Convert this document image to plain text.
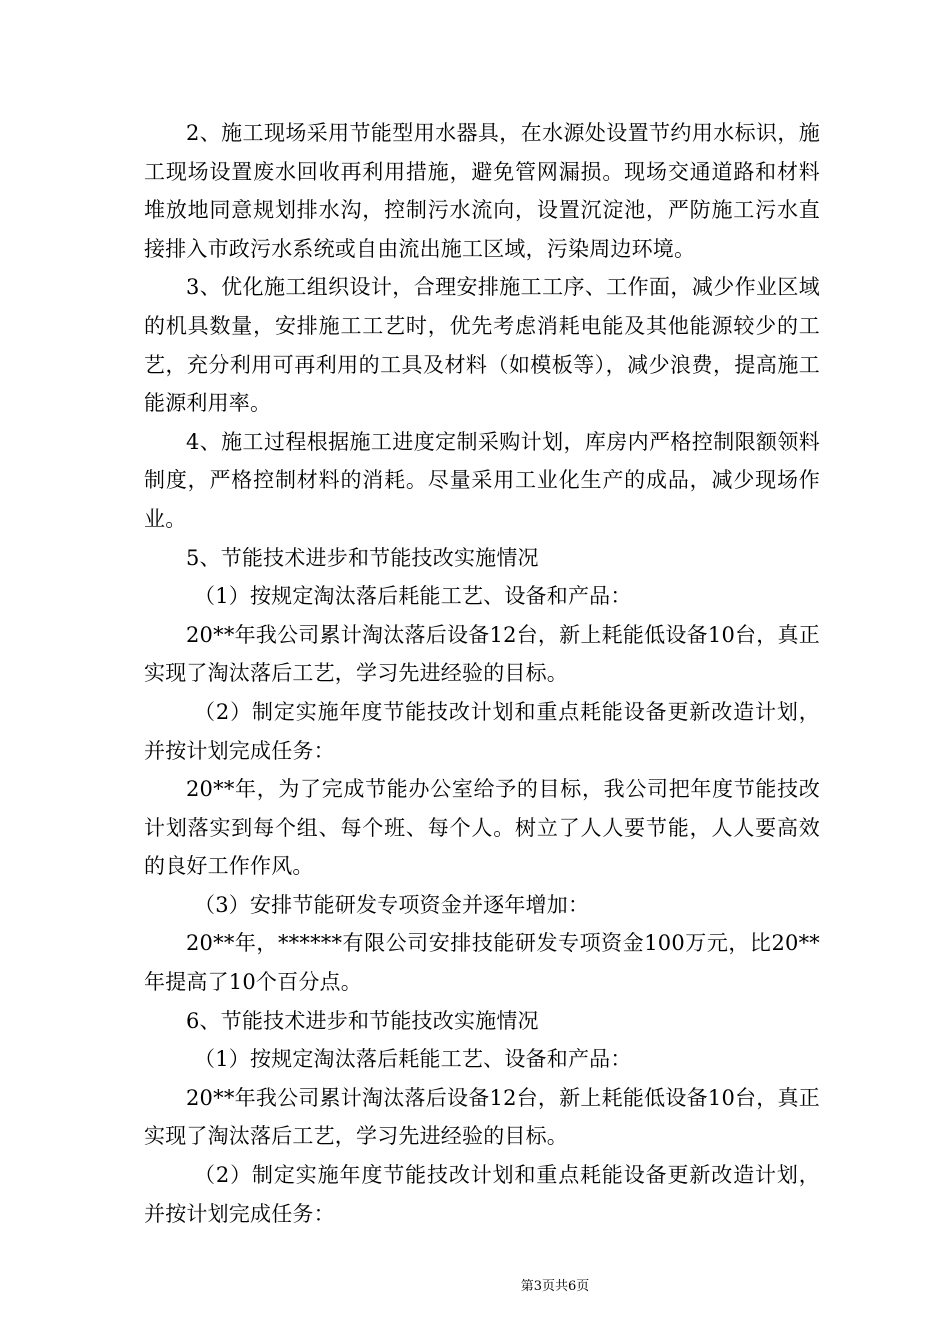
2、施工现场采用节能型用水器具，在水源处设置节约用水标识，施工现场设置废水回收再利用措施，避免管网漏损。现场交通道路和材料堆放地同意规划排水沟，控制污水流向，设置沉淀池，严防施工污水直接排入市政污水系统或自由流出施工区域，污染周边环境。

3、优化施工组织设计，合理安排施工工序、工作面，减少作业区域的机具数量，安排施工工艺时，优先考虑消耗电能及其他能源较少的工艺，充分利用可再利用的工具及材料（如模板等），减少浪费，提高施工能源利用率。

4、施工过程根据施工进度定制采购计划，库房内严格控制限额领料制度，严格控制材料的消耗。尽量采用工业化生产的成品，减少现场作业。

5、节能技术进步和节能技改实施情况

（1）按规定淘汰落后耗能工艺、设备和产品：

20**年我公司累计淘汰落后设备12台，新上耗能低设备10台，真正实现了淘汰落后工艺，学习先进经验的目标。

（2）制定实施年度节能技改计划和重点耗能设备更新改造计划，并按计划完成任务：

20**年，为了完成节能办公室给予的目标，我公司把年度节能技改计划落实到每个组、每个班、每个人。树立了人人要节能，人人要高效的良好工作作风。

（3）安排节能研发专项资金并逐年增加：

20**年，******有限公司安排技能研发专项资金100万元，比20**年提高了10个百分点。

6、节能技术进步和节能技改实施情况

（1）按规定淘汰落后耗能工艺、设备和产品：

20**年我公司累计淘汰落后设备12台，新上耗能低设备10台，真正实现了淘汰落后工艺，学习先进经验的目标。

（2）制定实施年度节能技改计划和重点耗能设备更新改造计划，并按计划完成任务：

第3页共6页
